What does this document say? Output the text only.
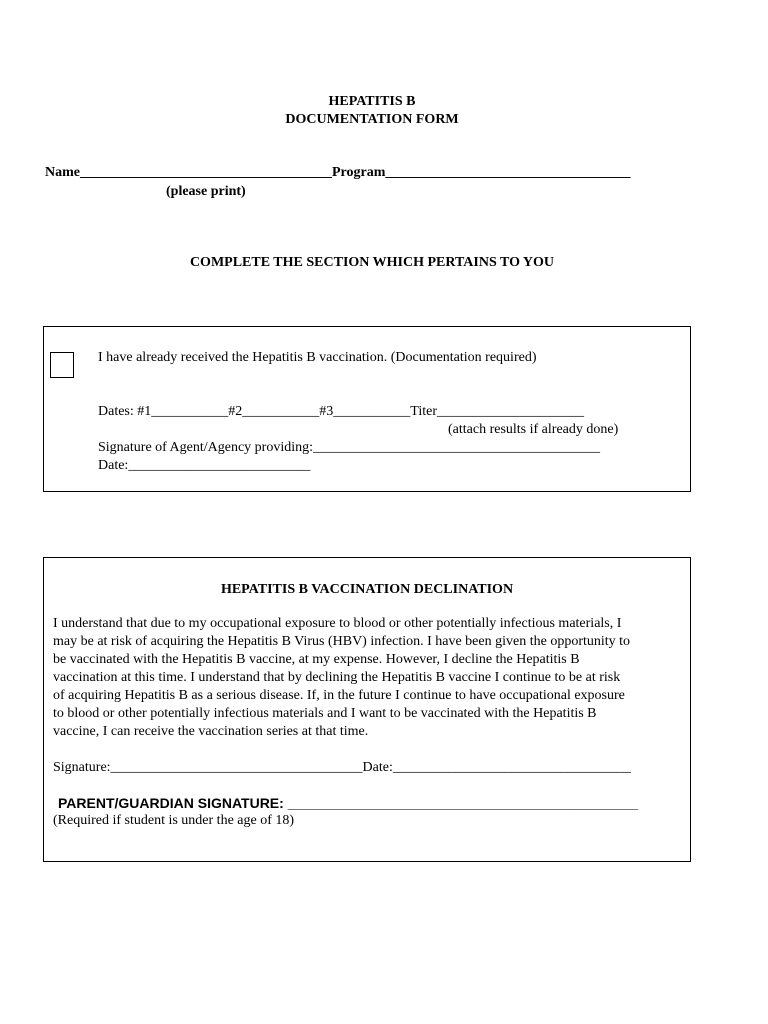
HEPATITIS B
DOCUMENTATION FORM
Name____________________________________Program___________________________________
(please print)
COMPLETE THE SECTION WHICH PERTAINS TO YOU
I have already received the Hepatitis B vaccination. (Documentation required)
Dates: #1___________#2___________#3___________Titer_____________________
(attach results if already done)
Signature of Agent/Agency providing:_________________________________________
Date:__________________________
HEPATITIS B VACCINATION DECLINATION
I understand that due to my occupational exposure to blood or other potentially infectious materials, I
may be at risk of acquiring the Hepatitis B Virus (HBV) infection. I have been given the opportunity to
be vaccinated with the Hepatitis B vaccine, at my expense. However, I decline the Hepatitis B
vaccination at this time. I understand that by declining the Hepatitis B vaccine I continue to be at risk
of acquiring Hepatitis B as a serious disease. If, in the future I continue to have occupational exposure
to blood or other potentially infectious materials and I want to be vaccinated with the Hepatitis B
vaccine, I can receive the vaccination series at that time.
Signature:____________________________________Date:__________________________________
PARENT/GUARDIAN SIGNATURE: _____________________________________________
(Required if student is under the age of 18)
